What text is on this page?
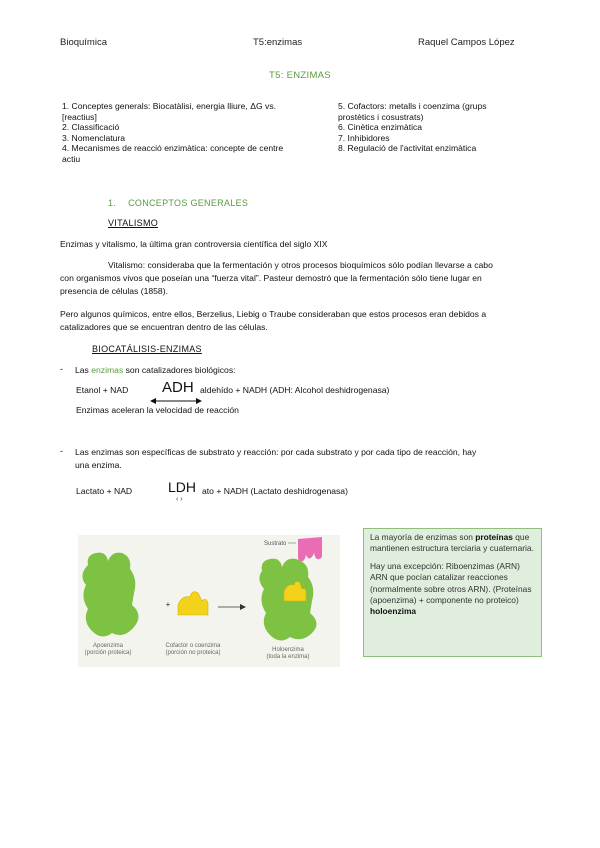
Bioquímica	T5:enzimas	Raquel Campos López
T5: ENZIMAS
1. Conceptes generals: Biocatàlisi, energia lliure, ΔG vs.
[reactius]
2. Classificació
3. Nomenclatura
4. Mecanismes de reacció enzimàtica: concepte de centre
actiu
5. Cofactors: metalls i coenzima (grups
prostètics i cosustrats)
6. Cinètica enzimàtica
7. Inhibidores
8. Regulació de l'activitat enzimàtica
1. CONCEPTOS GENERALES
VITALISMO
Enzimas y vitalismo, la última gran controversia científica del siglo XIX
Vitalismo: consideraba que la fermentación y otros procesos bioquímicos sólo podían llevarse a cabo
con organismos vivos que poseían una “fuerza vital”. Pasteur demostró que la fermentación sólo tiene lugar en
presencia de células (1858).
Pero algunos químicos, entre ellos, Berzelius, Liebig o Traube consideraban que estos procesos eran debidos a
catalizadores que se encuentran dentro de las células.
BIOCATÁLISIS-ENZIMAS
- Las enzimas son catalizadores biológicos:
Etanol + NAD ADH aldehído + NADH (ADH: Alcohol deshidrogenasa)
Enzimas aceleran la velocidad de reacción
- Las enzimas son específicas de substrato y reacción: por cada substrato y por cada tipo de reacción, hay
una enzima.
Lactato + NAD	LDH
‹ ›
ato + NADH (Lactato deshidrogenasa)
Apoenzima
(porción proteica)
+
Cofactor o coenzima
(porción no proteica)
Sustrato
Holoenzima
(toda la enzima)

La mayoría de enzimas son proteínas que mantienen estructura terciaria y cuaternaria.

Hay una excepción: Riboenzimas (ARN) ARN que pocían catalizar reacciones (normalmente sobre otros ARN). (Proteínas (apoenzima) + componente no proteico) holoenzima
